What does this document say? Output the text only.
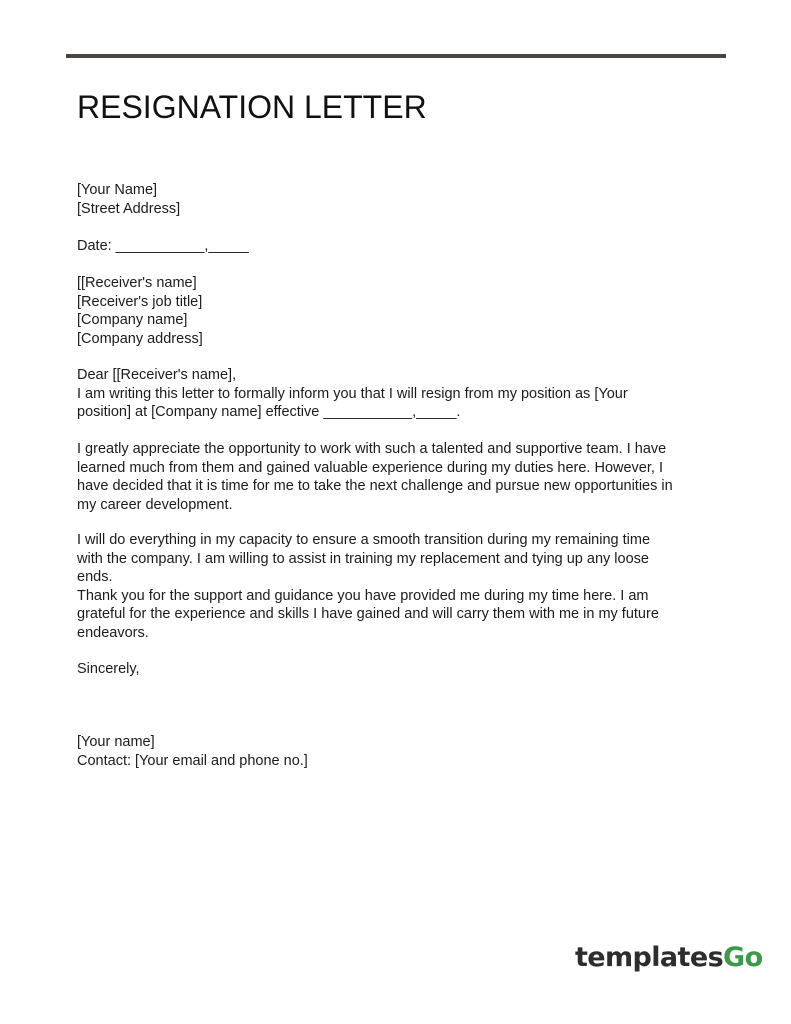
RESIGNATION LETTER
[Your Name]
[Street Address]
Date: ___________,_____
[[Receiver's name]
[Receiver's job title]
[Company name]
[Company address]
Dear [[Receiver's name],
I am writing this letter to formally inform you that I will resign from my position as [Your
position] at [Company name] effective ___________,_____.
I greatly appreciate the opportunity to work with such a talented and supportive team. I have
learned much from them and gained valuable experience during my duties here. However, I
have decided that it is time for me to take the next challenge and pursue new opportunities in
my career development.
I will do everything in my capacity to ensure a smooth transition during my remaining time
with the company. I am willing to assist in training my replacement and tying up any loose
ends.
Thank you for the support and guidance you have provided me during my time here. I am
grateful for the experience and skills I have gained and will carry them with me in my future
endeavors.
Sincerely,
[Your name]
Contact: [Your email and phone no.]
templatesGo
